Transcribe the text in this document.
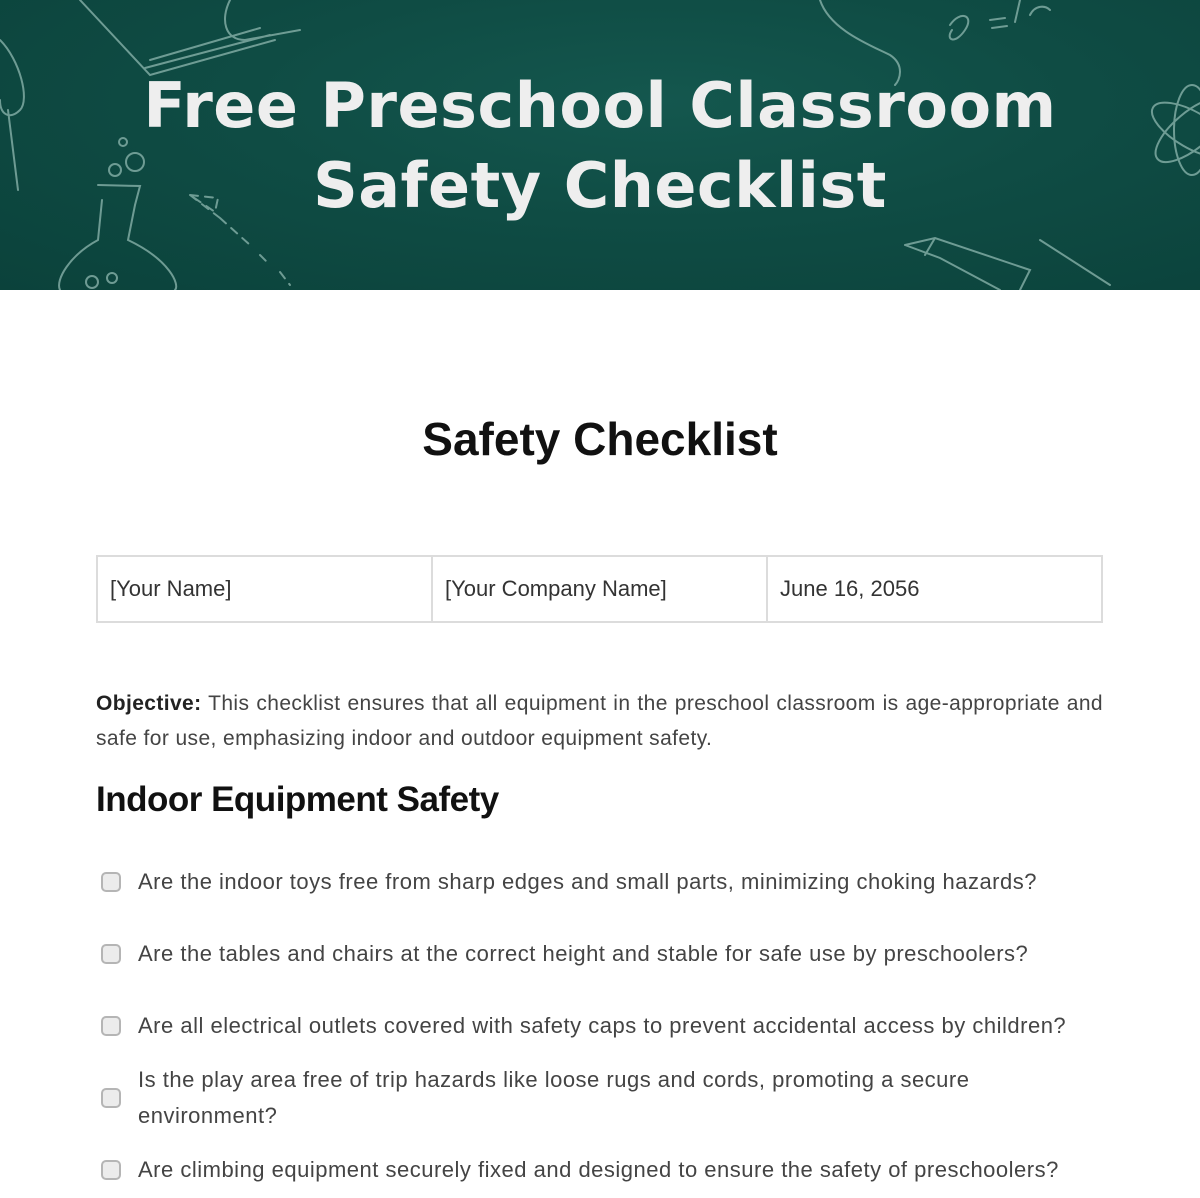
Free Preschool Classroom
Safety Checklist
Safety Checklist
[Your Name]	[Your Company Name]	June 16, 2056

Objective: This checklist ensures that all equipment in the preschool classroom is age-appropriate and safe for use, emphasizing indoor and outdoor equipment safety.

Indoor Equipment Safety
Are the indoor toys free from sharp edges and small parts, minimizing choking hazards?
Are the tables and chairs at the correct height and stable for safe use by preschoolers?
Are all electrical outlets covered with safety caps to prevent accidental access by children?
Is the play area free of trip hazards like loose rugs and cords, promoting a secure environment?
Are climbing equipment securely fixed and designed to ensure the safety of preschoolers?
